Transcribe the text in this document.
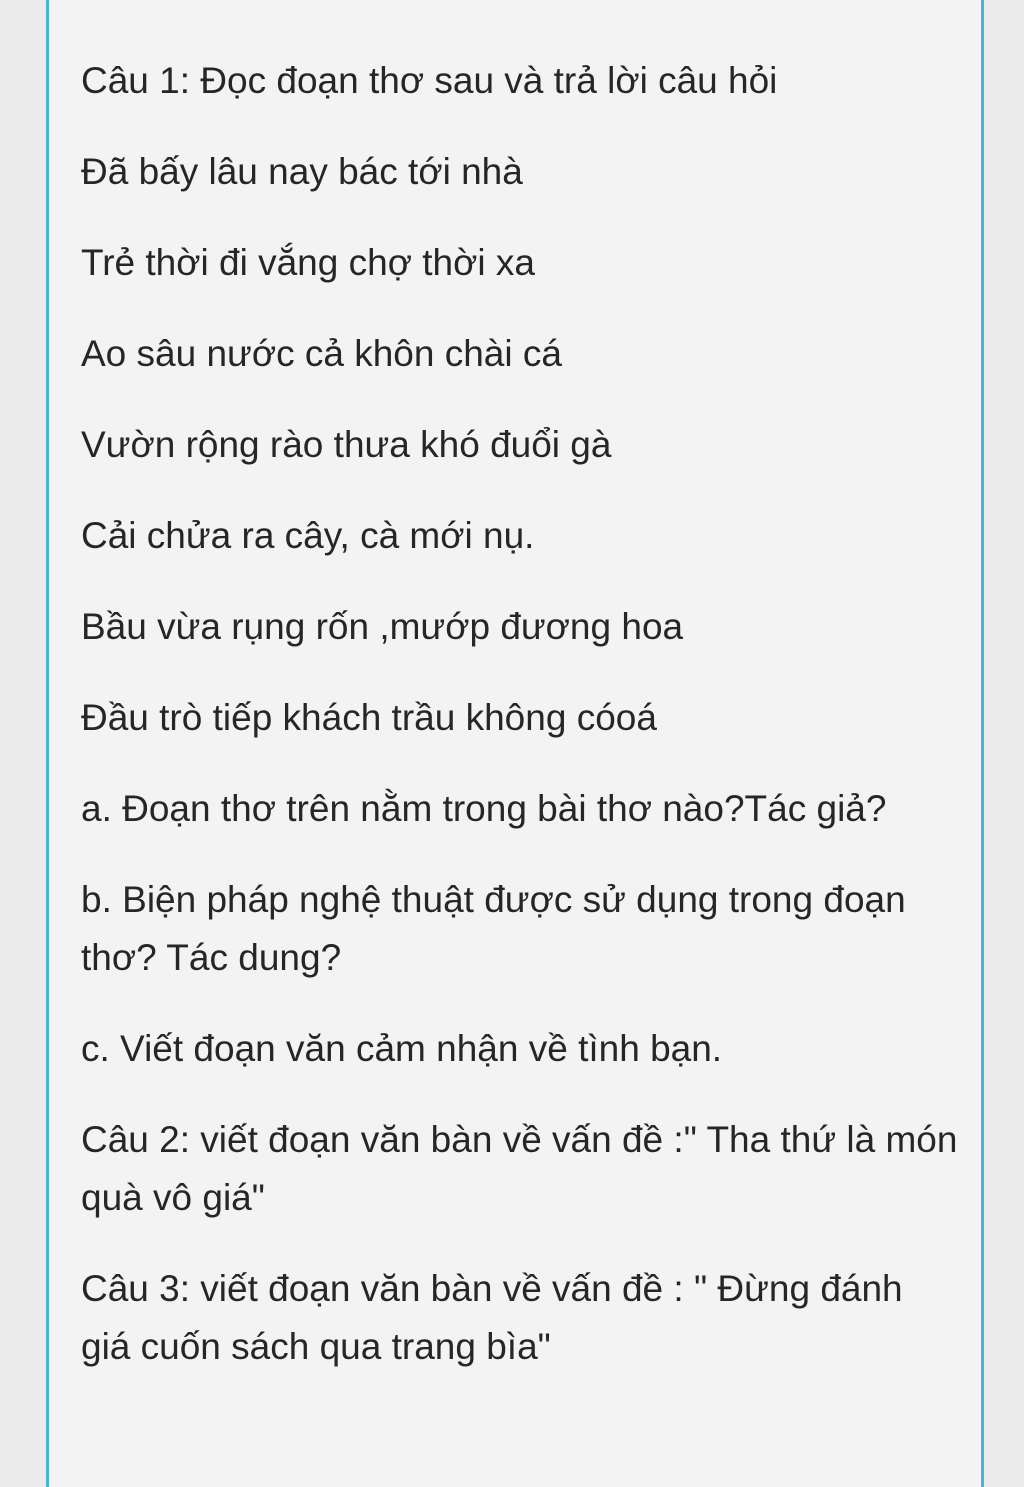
Câu 1: Đọc đoạn thơ sau và trả lời câu hỏi

Đã bấy lâu nay bác tới nhà

Trẻ thời đi vắng chợ thời xa

Ao sâu nước cả khôn chài cá

Vườn rộng rào thưa khó đuổi gà

Cải chửa ra cây, cà mới nụ.

Bầu vừa rụng rốn ,mướp đương hoa

Đầu trò tiếp khách trầu không cóoá

a. Đoạn thơ trên nằm trong bài thơ nào?Tác giả?

b. Biện pháp nghệ thuật được sử dụng trong đoạn thơ? Tác dung?

c. Viết đoạn văn cảm nhận về tình bạn.

Câu 2: viết đoạn văn bàn về vấn đề :" Tha thứ là món quà vô giá"

Câu 3: viết đoạn văn bàn về vấn đề : " Đừng đánh giá cuốn sách qua trang bìa"
